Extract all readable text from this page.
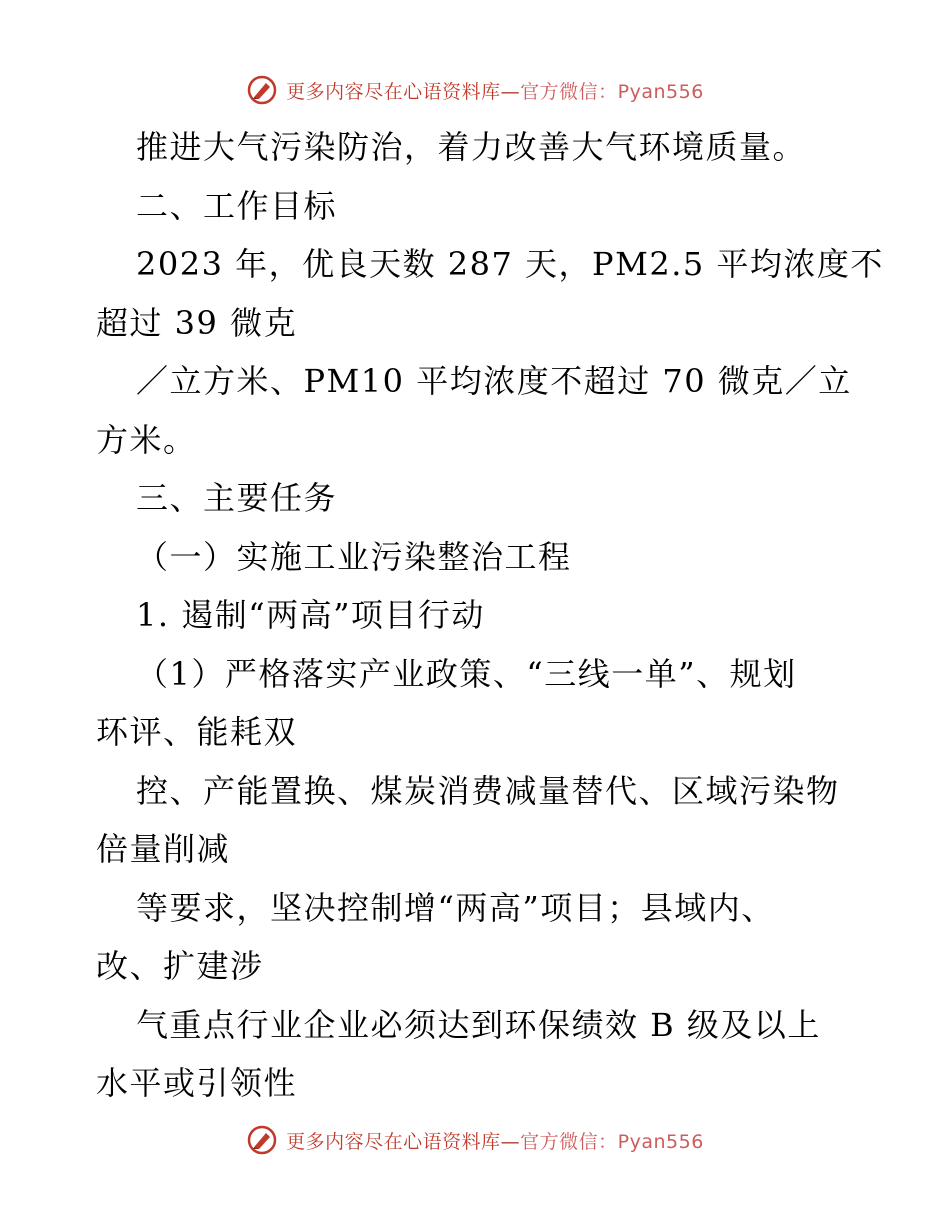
更多内容尽在心语资料库—官方微信：Pyan556
推进大气污染防治，着力改善大气环境质量。
二、工作目标
2023 年，优良天数 287 天，PM2.5 平均浓度不
超过 39 微克
／立方米、PM10 平均浓度不超过 70 微克／立
方米。
三、主要任务
（一）实施工业污染整治工程
1. 遏制“两高”项目行动
（1）严格落实产业政策、“三线一单”、规划
环评、能耗双
控、产能置换、煤炭消费减量替代、区域污染物
倍量削减
等要求，坚决控制增“两高”项目；县域内、
改、扩建涉
气重点行业企业必须达到环保绩效 B 级及以上
水平或引领性
更多内容尽在心语资料库—官方微信：Pyan556
